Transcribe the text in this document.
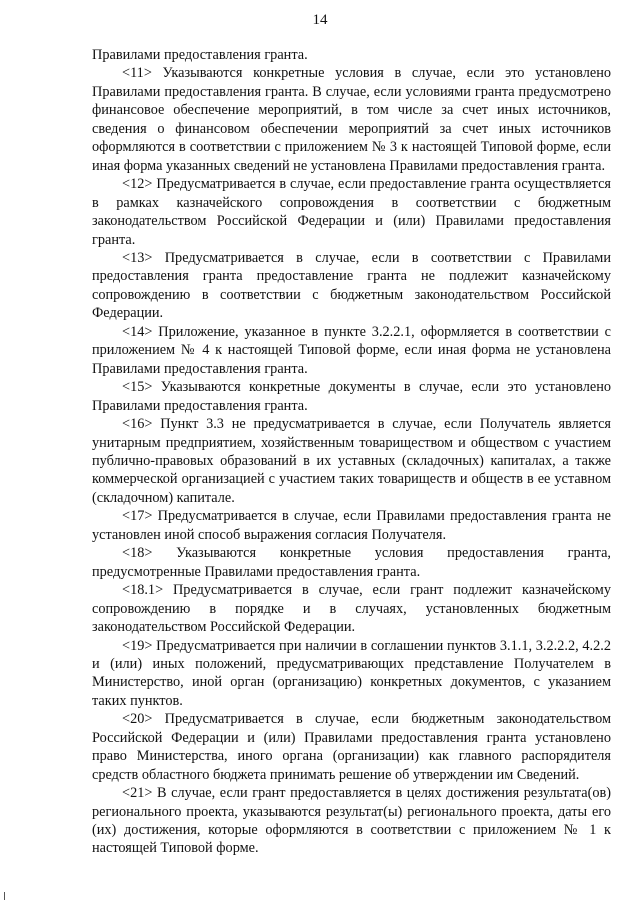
14

Правилами предоставления гранта.

<11> Указываются конкретные условия в случае, если это установлено Правилами предоставления гранта. В случае, если условиями гранта предусмотрено финансовое обеспечение мероприятий, в том числе за счет иных источников, сведения о финансовом обеспечении мероприятий за счет иных источников оформляются в соответствии с приложением № 3 к настоящей Типовой форме, если иная форма указанных сведений не установлена Правилами предоставления гранта.

<12> Предусматривается в случае, если предоставление гранта осуществляется в рамках казначейского сопровождения в соответствии с бюджетным законодательством Российской Федерации и (или) Правилами предоставления гранта.

<13> Предусматривается в случае, если в соответствии с Правилами предоставления гранта предоставление гранта не подлежит казначейскому сопровождению в соответствии с бюджетным законодательством Российской Федерации.

<14> Приложение, указанное в пункте 3.2.2.1, оформляется в соответствии с приложением № 4 к настоящей Типовой форме, если иная форма не установлена Правилами предоставления гранта.

<15> Указываются конкретные документы в случае, если это установлено Правилами предоставления гранта.

<16> Пункт 3.3 не предусматривается в случае, если Получатель является унитарным предприятием, хозяйственным товариществом и обществом с участием публично-правовых образований в их уставных (складочных) капиталах, а также коммерческой организацией с участием таких товариществ и обществ в ее уставном (складочном) капитале.

<17> Предусматривается в случае, если Правилами предоставления гранта не установлен иной способ выражения согласия Получателя.

<18> Указываются конкретные условия предоставления гранта, предусмотренные Правилами предоставления гранта.

<18.1> Предусматривается в случае, если грант подлежит казначейскому сопровождению в порядке и в случаях, установленных бюджетным законодательством Российской Федерации.

<19> Предусматривается при наличии в соглашении пунктов 3.1.1, 3.2.2.2, 4.2.2 и (или) иных положений, предусматривающих представление Получателем в Министерство, иной орган (организацию) конкретных документов, с указанием таких пунктов.

<20> Предусматривается в случае, если бюджетным законодательством Российской Федерации и (или) Правилами предоставления гранта установлено право Министерства, иного органа (организации) как главного распорядителя средств областного бюджета принимать решение об утверждении им Сведений.

<21> В случае, если грант предоставляется в целях достижения результата(ов) регионального проекта, указываются результат(ы) регионального проекта, даты его (их) достижения, которые оформляются в соответствии с приложением № 1 к настоящей Типовой форме.
